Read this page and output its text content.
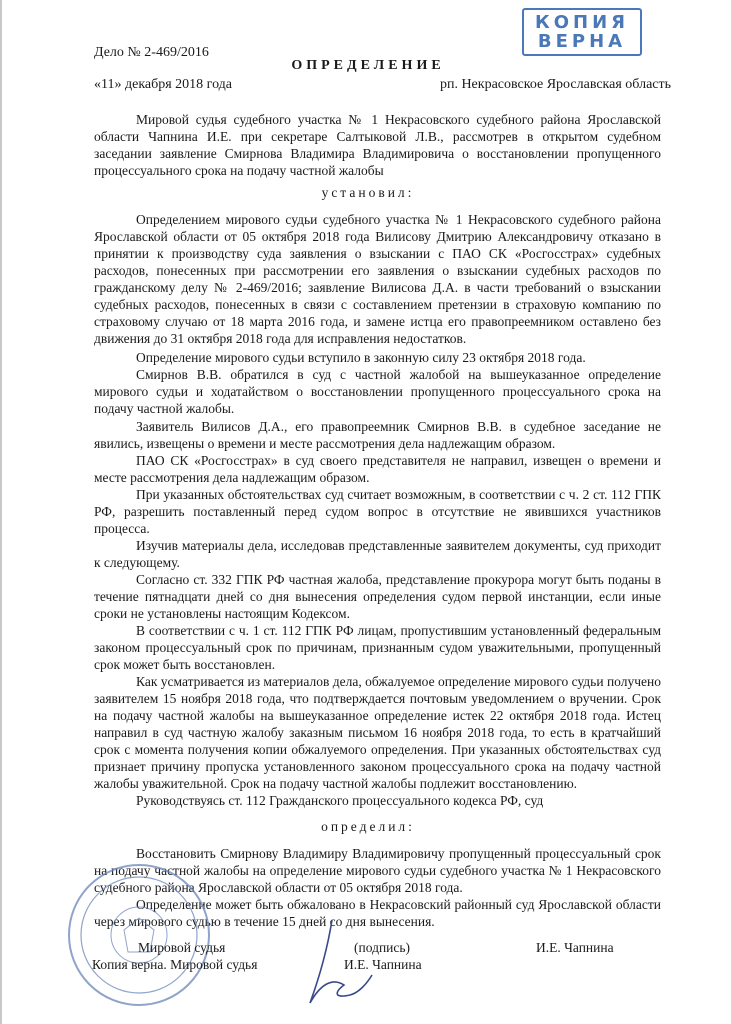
КОПИЯ
ВЕРНА
Дело № 2-469/2016
ОПРЕДЕЛЕНИЕ
«11» декабря 2018 года	рп. Некрасовское Ярославская область
Мировой судья судебного участка № 1 Некрасовского судебного района Ярославской области Чапнина И.Е. при секретаре Салтыковой Л.В., рассмотрев в открытом судебном заседании заявление Смирнова Владимира Владимировича о восстановлении пропущенного процессуального срока на подачу частной жалобы
установил:
Определением мирового судьи судебного участка № 1 Некрасовского судебного района Ярославской области от 05 октября 2018 года Вилисову Дмитрию Александровичу отказано в принятии к производству суда заявления о взыскании с ПАО СК «Росгосстрах» судебных расходов, понесенных при рассмотрении его заявления о взыскании судебных расходов по гражданскому делу № 2-469/2016; заявление Вилисова Д.А. в части требований о взыскании судебных расходов, понесенных в связи с составлением претензии в страховую компанию по страховому случаю от 18 марта 2016 года, и замене истца его правопреемником оставлено без движения до 31 октября 2018 года для исправления недостатков.
Определение мирового судьи вступило в законную силу 23 октября 2018 года.
Смирнов В.В. обратился в суд с частной жалобой на вышеуказанное определение мирового судьи и ходатайством о восстановлении пропущенного процессуального срока на подачу частной жалобы.
Заявитель Вилисов Д.А., его правопреемник Смирнов В.В. в судебное заседание не явились, извещены о времени и месте рассмотрения дела надлежащим образом.
ПАО СК «Росгосстрах» в суд своего представителя не направил, извещен о времени и месте рассмотрения дела надлежащим образом.
При указанных обстоятельствах суд считает возможным, в соответствии с ч. 2 ст. 112 ГПК РФ, разрешить поставленный перед судом вопрос в отсутствие не явившихся участников процесса.
Изучив материалы дела, исследовав представленные заявителем документы, суд приходит к следующему.
Согласно ст. 332 ГПК РФ частная жалоба, представление прокурора могут быть поданы в течение пятнадцати дней со дня вынесения определения судом первой инстанции, если иные сроки не установлены настоящим Кодексом.
В соответствии с ч. 1 ст. 112 ГПК РФ лицам, пропустившим установленный федеральным законом процессуальный срок по причинам, признанным судом уважительными, пропущенный срок может быть восстановлен.
Как усматривается из материалов дела, обжалуемое определение мирового судьи получено заявителем 15 ноября 2018 года, что подтверждается почтовым уведомлением о вручении. Срок на подачу частной жалобы на вышеуказанное определение истек 22 октября 2018 года. Истец направил в суд частную жалобу заказным письмом 16 ноября 2018 года, то есть в кратчайший срок с момента получения копии обжалуемого определения. При указанных обстоятельствах суд признает причину пропуска установленного законом процессуального срока на подачу частной жалобы уважительной. Срок на подачу частной жалобы подлежит восстановлению.
Руководствуясь ст. 112 Гражданского процессуального кодекса РФ, суд
определил:
Восстановить Смирнову Владимиру Владимировичу пропущенный процессуальный срок на подачу частной жалобы на определение мирового судьи судебного участка № 1 Некрасовского судебного района Ярославской области от 05 октября 2018 года.
Определение может быть обжаловано в Некрасовский районный суд Ярославской области через мирового судью в течение 15 дней со дня вынесения.
Мировой судья
Копия верна. Мировой судья
(подпись)
И.Е. Чапнина
И.Е. Чапнина
